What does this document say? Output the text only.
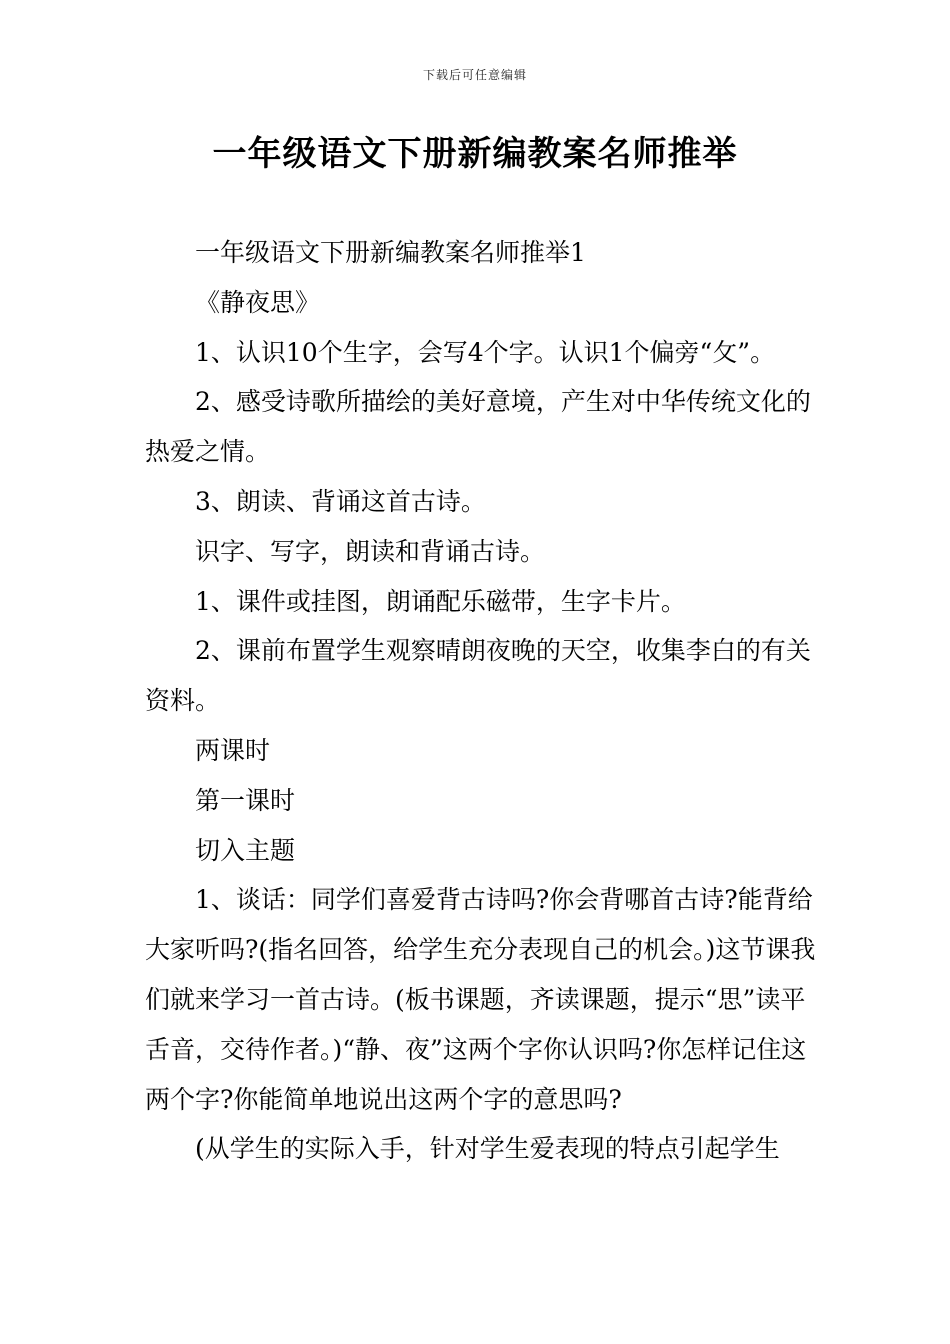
下载后可任意编辑
一年级语文下册新编教案名师推举

一年级语文下册新编教案名师推举1

《静夜思》

1、认识10个生字，会写4个字。认识1个偏旁“攵”。

2、感受诗歌所描绘的美好意境，产生对中华传统文化的热爱之情。

3、朗读、背诵这首古诗。

识字、写字，朗读和背诵古诗。

1、课件或挂图，朗诵配乐磁带，生字卡片。

2、课前布置学生观察晴朗夜晚的天空，收集李白的有关资料。

两课时

第一课时

切入主题

1、谈话：同学们喜爱背古诗吗?你会背哪首古诗?能背给大家听吗?(指名回答，给学生充分表现自己的机会。)这节课我们就来学习一首古诗。(板书课题，齐读课题，提示“思”读平舌音，交待作者。)“静、夜”这两个字你认识吗?你怎样记住这两个字?你能简单地说出这两个字的意思吗?

(从学生的实际入手，针对学生爱表现的特点引起学生
